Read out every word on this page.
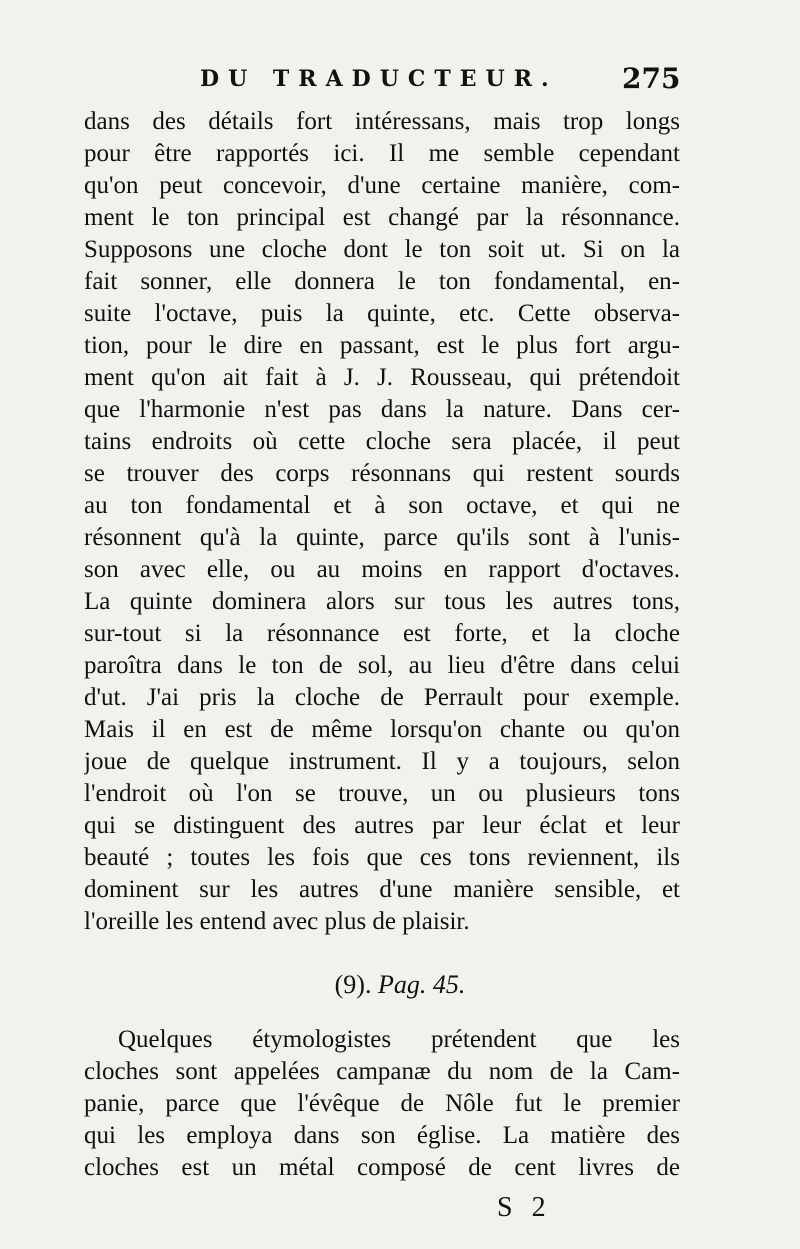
DU TRADUCTEUR. 275
dans des détails fort intéressans, mais trop longs
pour être rapportés ici. Il me semble cependant
qu'on peut concevoir, d'une certaine manière, com-
ment le ton principal est changé par la résonnance.
Supposons une cloche dont le ton soit ut. Si on la
fait sonner, elle donnera le ton fondamental, en-
suite l'octave, puis la quinte, etc. Cette observa-
tion, pour le dire en passant, est le plus fort argu-
ment qu'on ait fait à J. J. Rousseau, qui prétendoit
que l'harmonie n'est pas dans la nature. Dans cer-
tains endroits où cette cloche sera placée, il peut
se trouver des corps résonnans qui restent sourds
au ton fondamental et à son octave, et qui ne
résonnent qu'à la quinte, parce qu'ils sont à l'unis-
son avec elle, ou au moins en rapport d'octaves.
La quinte dominera alors sur tous les autres tons,
sur-tout si la résonnance est forte, et la cloche
paroîtra dans le ton de sol, au lieu d'être dans celui
d'ut. J'ai pris la cloche de Perrault pour exemple.
Mais il en est de même lorsqu'on chante ou qu'on
joue de quelque instrument. Il y a toujours, selon
l'endroit où l'on se trouve, un ou plusieurs tons
qui se distinguent des autres par leur éclat et leur
beauté ; toutes les fois que ces tons reviennent, ils
dominent sur les autres d'une manière sensible, et
l'oreille les entend avec plus de plaisir.
(9). Pag. 45.
Quelques étymologistes prétendent que les
cloches sont appelées campanæ du nom de la Cam-
panie, parce que l'évêque de Nôle fut le premier
qui les employa dans son église. La matière des
cloches est un métal composé de cent livres de
S 2
